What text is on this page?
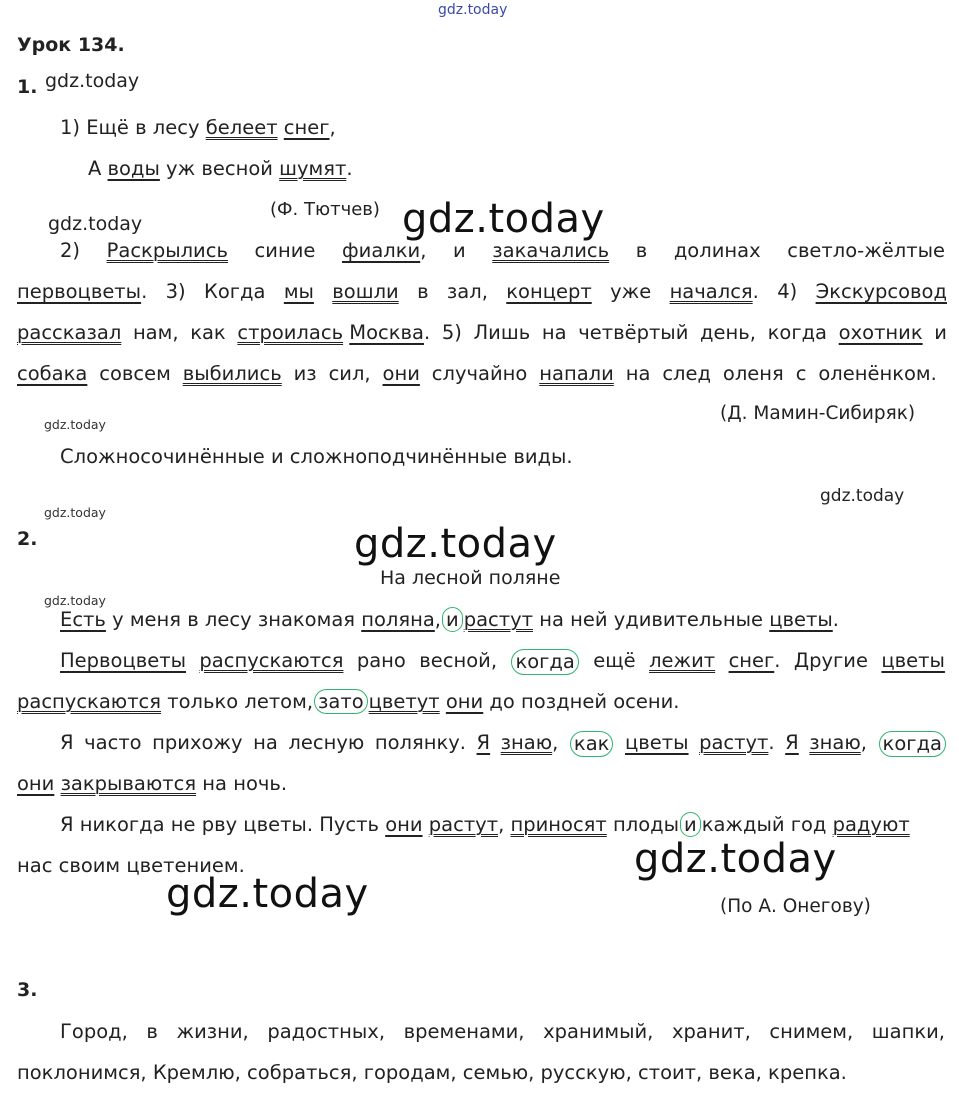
gdz.today
gdz.today
gdz.today	gdz.today
gdz.today
gdz.today
gdz.today
gdz.today
gdz.today
gdz.today
gdz.today
Урок 134.
1.
1) Ещё в лесу белеет снег,
А воды уж весной шумят.
(Ф. Тютчев)
2) Раскрылись синие фиалки, и закачались в долинах светло-жёлтые
первоцветы. 3) Когда мы вошли в зал, концерт уже начался. 4) Экскурсовод
рассказал нам, как строилась Москва. 5) Лишь на четвёртый день, когда охотник и
собака совсем выбились из сил, они случайно напали на след оленя с оленёнком.
(Д. Мамин-Сибиряк)
Сложносочинённые и сложноподчинённые виды.
2.
На лесной поляне
Есть у меня в лесу знакомая поляна, и растут на ней удивительные цветы.
Первоцветы распускаются рано весной, когда ещё лежит снег. Другие цветы
распускаются только летом, зато цветут они до поздней осени.
Я часто прихожу на лесную полянку. Я знаю, как цветы растут. Я знаю, когда
они закрываются на ночь.
Я никогда не рву цветы. Пусть они растут, приносят плоды и каждый год радуют
нас своим цветением.
(По А. Онегову)
3.
Город, в жизни, радостных, временами, хранимый, хранит, снимем, шапки,
поклонимся, Кремлю, собраться, городам, семью, русскую, стоит, века, крепка.
